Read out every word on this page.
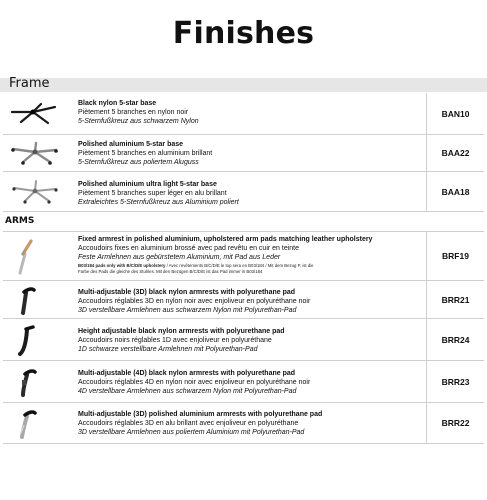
Finishes
Frame
Black nylon 5-star base
Piètement 5 branches en nylon noir
5-Sternfußkreuz aus schwarzem Nylon
BAN10
Polished aluminium 5-star base
Piètement 5 branches en aluminium brillant
5-Sternfußkreuz aus poliertem Aluguss
BAA22
Polished aluminium ultra light 5-star base
Piètement 5 branches super léger en alu brillant
Extraleichtes 5-Sternfußkreuz aus Aluminium poliert
BAA18
ARMS
Fixed armrest in polished aluminium, upholstered arm pads matching leather upholstery
Accoudoirs fixes en aluminium brossé avec pad revêtu en cuir en teinte
Feste Armlehnen aus gebürstetem Aluminium, mit Pad aus Leder
B03/184 pads only with B/C/D/E upholstery / Avec revêtements B/C/D/E le top sera en B03/184 / Mit dem Bezug P, ist die
Farbe des Pads die gleiche des Stuhles. Mit den Bezügen B/C/D/E ist das Pad immer in B03/184
BRF19
Multi-adjustable (3D) black nylon armrests with polyurethane pad
Accoudoirs réglables 3D en nylon noir avec enjoliveur en polyuréthane noir
3D verstellbare Armlehnen aus schwarzem Nylon mit Polyurethan-Pad
BRR21
Height adjustable black nylon armrests with polyurethane pad
Accoudoirs noirs réglables 1D avec enjoliveur en polyuréthane
1D schwarze verstellbare Armlehnen mit Polyurethan-Pad
BRR24
Multi-adjustable (4D) black nylon armrests with polyurethane pad
Accoudoirs réglables 4D en nylon noir avec enjoliveur en polyuréthane noir
4D verstellbare Armlehnen aus schwarzem Nylon mit Polyurethan-Pad
BRR23
Multi-adjustable (3D) polished aluminium armrests with polyurethane pad
Accoudoirs réglables 3D en alu brillant avec enjoliveur en polyuréthane
3D verstellbare Armlehnen aus poliertem Aluminium mit Polyurethan-Pad
BRR22
